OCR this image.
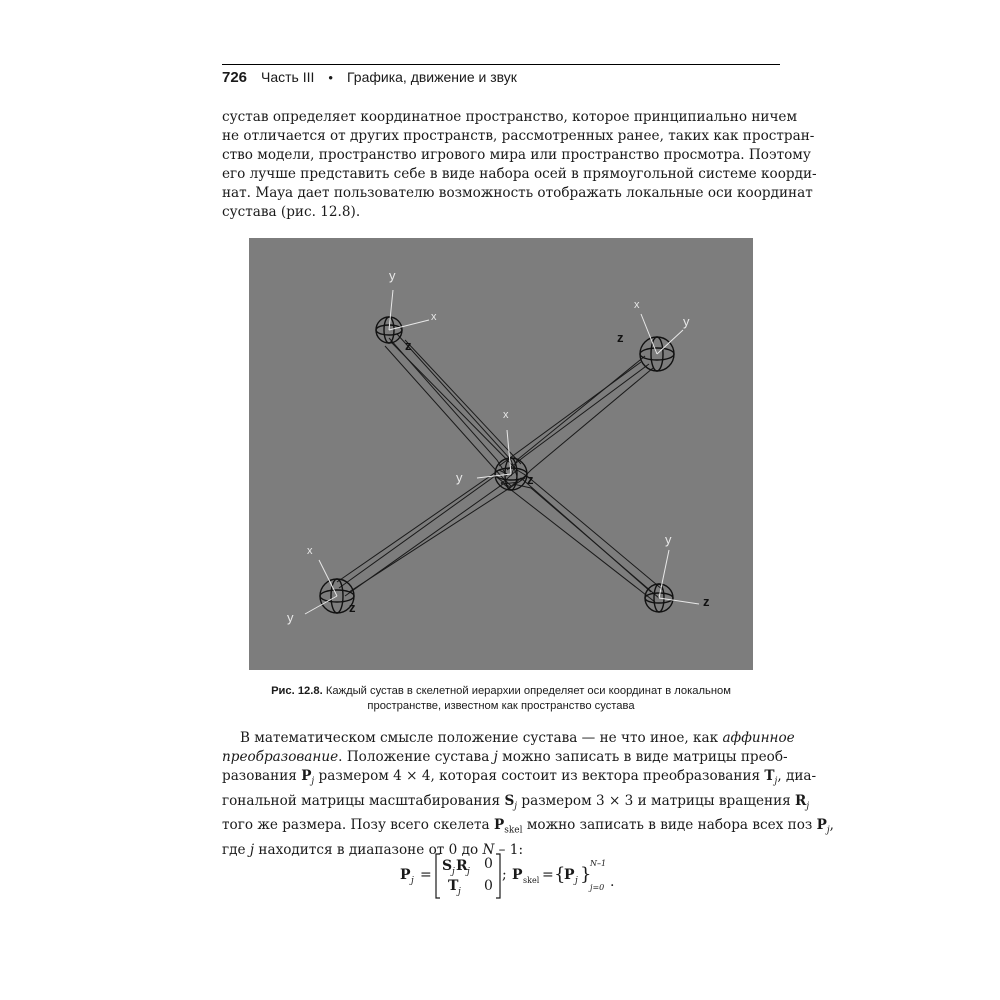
726 Часть III • Графика, движение и звук
сустав определяет координатное пространство, которое принципиально ничем
не отличается от других пространств, рассмотренных ранее, таких как простран-
ство модели, пространство игрового мира или пространство просмотра. Поэтому
его лучше представить себе в виде набора осей в прямоугольной системе коорди-
нат. Maya дает пользователю возможность отображать локальные оси координат
сустава (рис. 12.8).
y
x
z
x
y
z
x
y	z
x
y
z
y
z
Рис. 12.8. Каждый сустав в скелетной иерархии определяет оси координат в локальном
пространстве, известном как пространство сустава
В математическом смысле положение сустава — не что иное, как аффинное
преобразование. Положение сустава j можно записать в виде матрицы преоб-
разования $P_j$ размером 4 × 4, которая состоит из вектора преобразования $T_j$, диа-
гональной матрицы масштабирования $S_j$ размером 3 × 3 и матрицы вращения $R_j$
того же размера. Позу всего скелета $P_{skel}$ можно записать в виде набора всех поз $P_j$,
где j находится в диапазоне от 0 до N – 1:
P j =
S j R j 0
T j 0
; P skel = {
P j }
N–1
j=0 .
